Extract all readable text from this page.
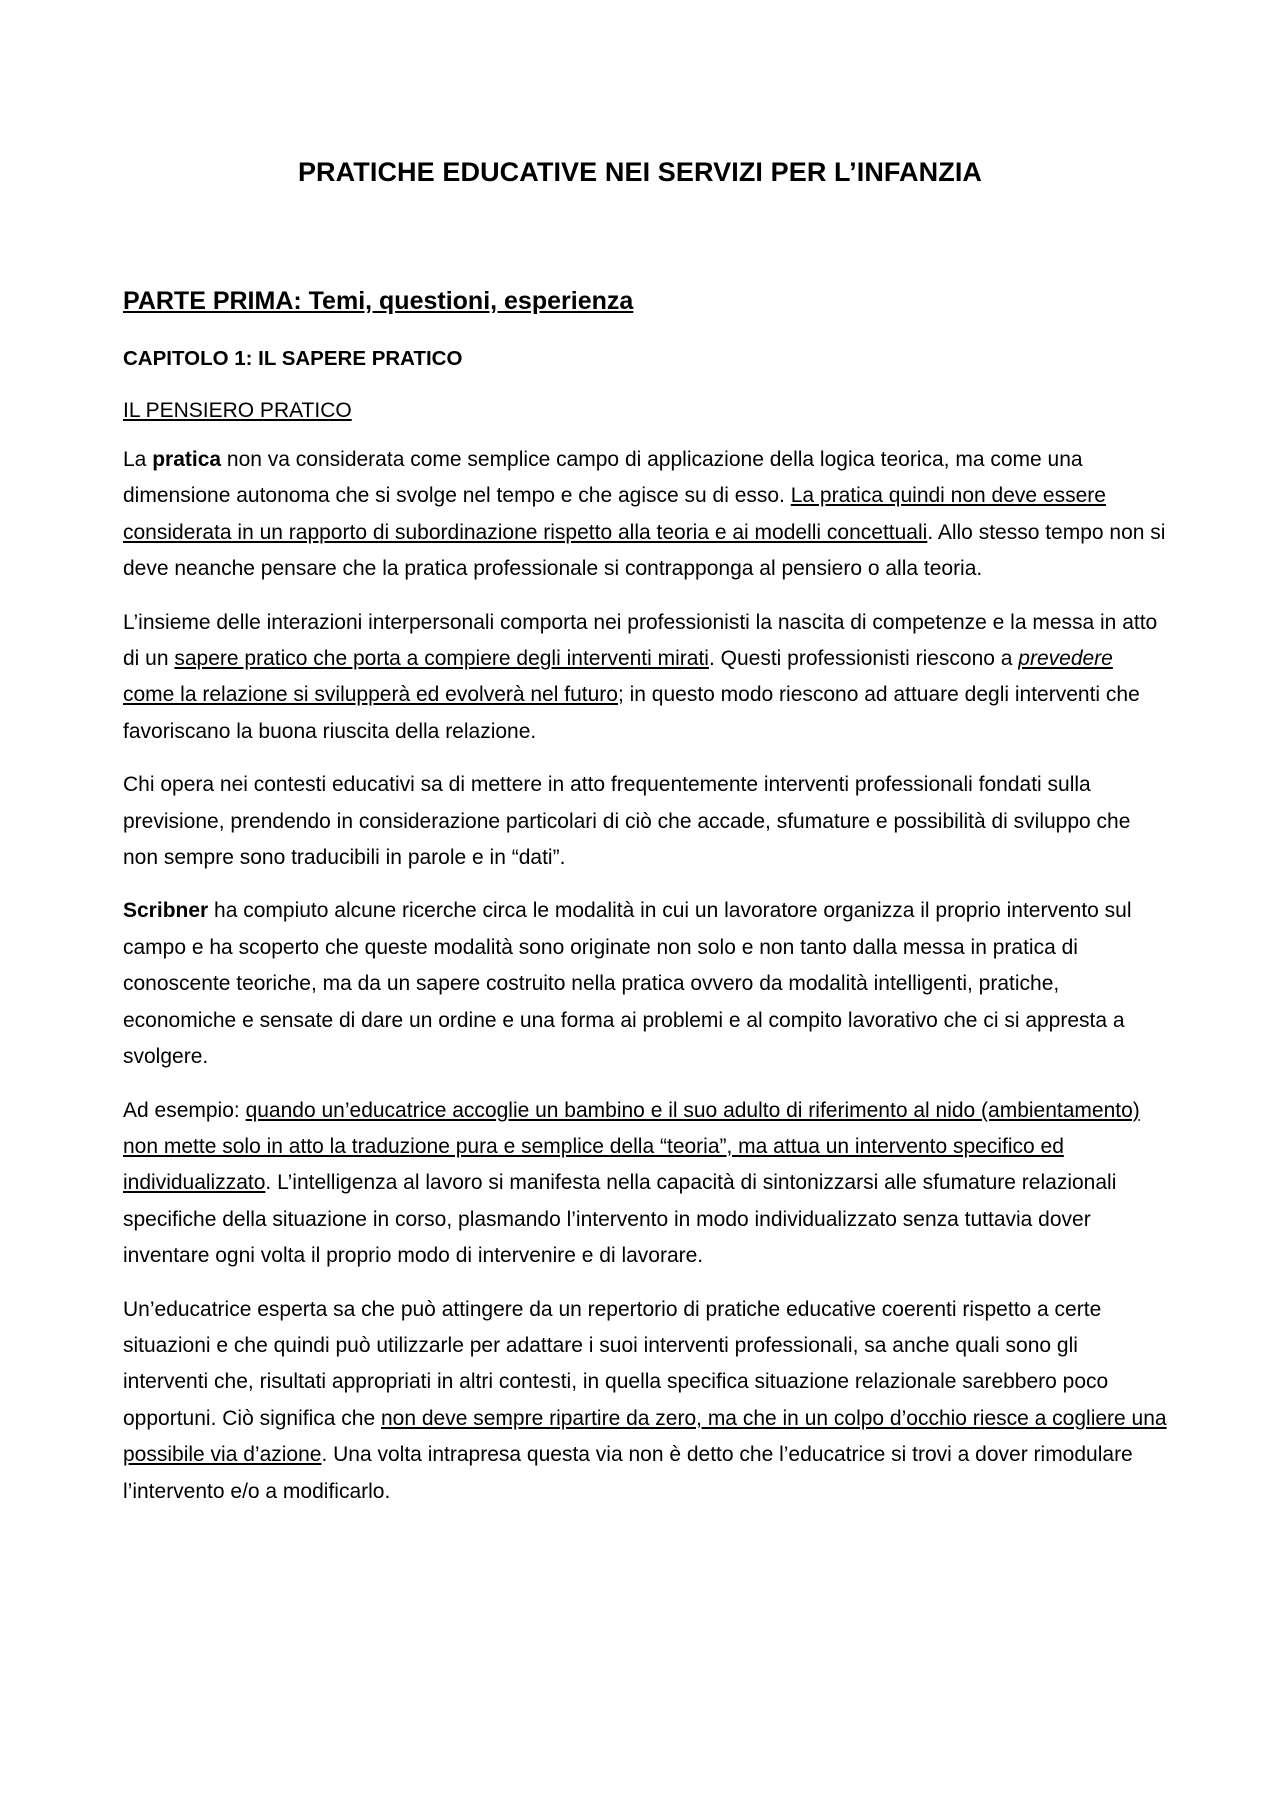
PRATICHE EDUCATIVE NEI SERVIZI PER L’INFANZIA
PARTE PRIMA: Temi, questioni, esperienza
CAPITOLO 1: IL SAPERE PRATICO
IL PENSIERO PRATICO

La pratica non va considerata come semplice campo di applicazione della logica teorica, ma come una dimensione autonoma che si svolge nel tempo e che agisce su di esso. La pratica quindi non deve essere considerata in un rapporto di subordinazione rispetto alla teoria e ai modelli concettuali. Allo stesso tempo non si deve neanche pensare che la pratica professionale si contrapponga al pensiero o alla teoria.

L’insieme delle interazioni interpersonali comporta nei professionisti la nascita di competenze e la messa in atto di un sapere pratico che porta a compiere degli interventi mirati. Questi professionisti riescono a prevedere come la relazione si svilupperà ed evolverà nel futuro; in questo modo riescono ad attuare degli interventi che favoriscano la buona riuscita della relazione.

Chi opera nei contesti educativi sa di mettere in atto frequentemente interventi professionali fondati sulla previsione, prendendo in considerazione particolari di ciò che accade, sfumature e possibilità di sviluppo che non sempre sono traducibili in parole e in “dati”.

Scribner ha compiuto alcune ricerche circa le modalità in cui un lavoratore organizza il proprio intervento sul campo e ha scoperto che queste modalità sono originate non solo e non tanto dalla messa in pratica di conoscente teoriche, ma da un sapere costruito nella pratica ovvero da modalità intelligenti, pratiche, economiche e sensate di dare un ordine e una forma ai problemi e al compito lavorativo che ci si appresta a svolgere.

Ad esempio: quando un’educatrice accoglie un bambino e il suo adulto di riferimento al nido (ambientamento) non mette solo in atto la traduzione pura e semplice della “teoria”, ma attua un intervento specifico ed individualizzato. L’intelligenza al lavoro si manifesta nella capacità di sintonizzarsi alle sfumature relazionali specifiche della situazione in corso, plasmando l’intervento in modo individualizzato senza tuttavia dover inventare ogni volta il proprio modo di intervenire e di lavorare.

Un’educatrice esperta sa che può attingere da un repertorio di pratiche educative coerenti rispetto a certe situazioni e che quindi può utilizzarle per adattare i suoi interventi professionali, sa anche quali sono gli interventi che, risultati appropriati in altri contesti, in quella specifica situazione relazionale sarebbero poco opportuni. Ciò significa che non deve sempre ripartire da zero, ma che in un colpo d’occhio riesce a cogliere una possibile via d’azione. Una volta intrapresa questa via non è detto che l’educatrice si trovi a dover rimodulare l’intervento e/o a modificarlo.
